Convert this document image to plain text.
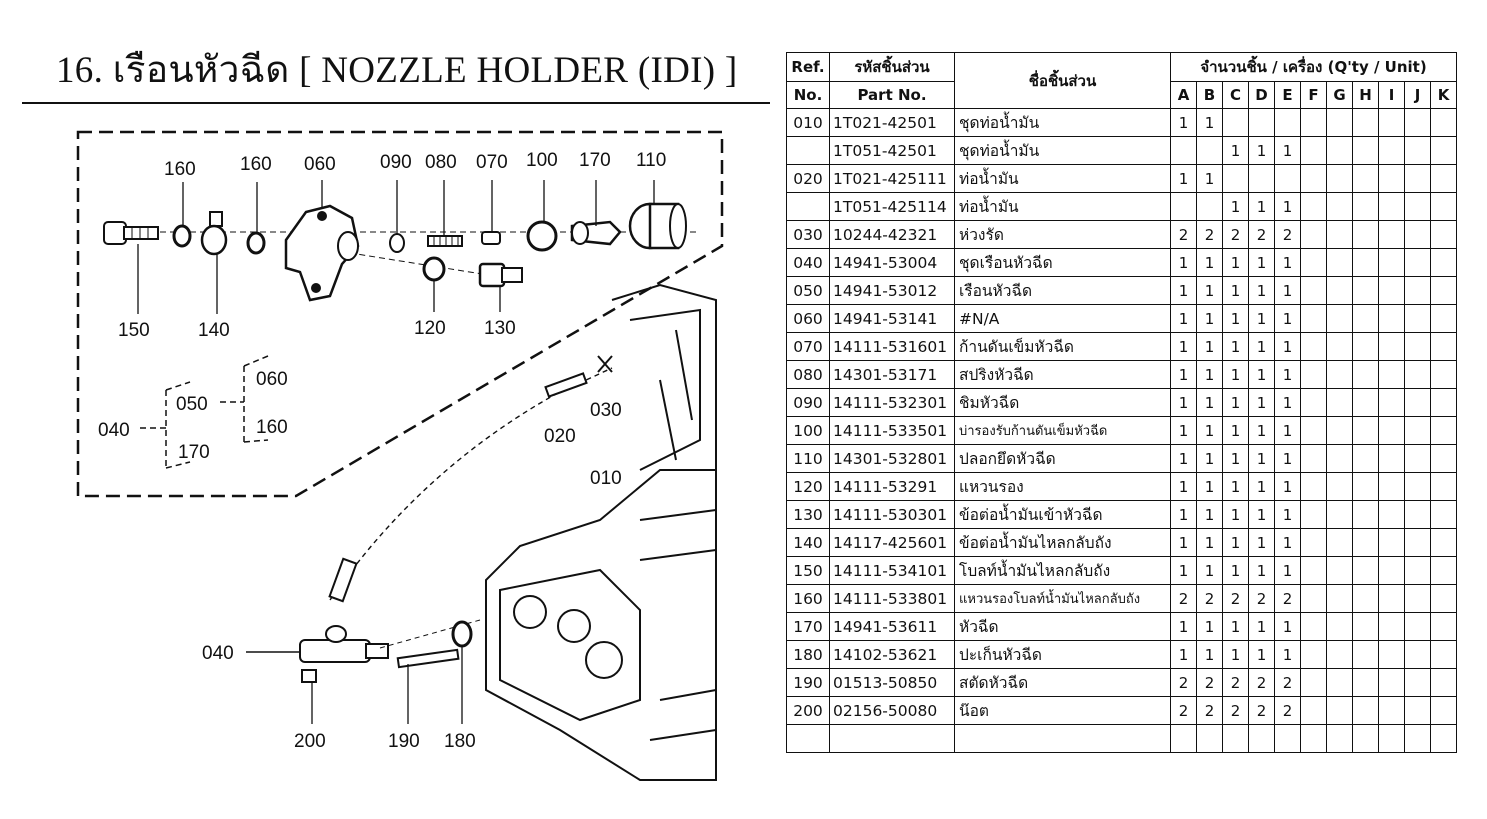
16. เรือนหัวฉีด [ NOZZLE HOLDER (IDI) ]
160 160 060 090 080 070 100 170 110
150	140	120 130
060
050
040	160
170
030
020
010
040
200	190 180
Ref.	รหัสชิ้นส่วน	ชื่อชิ้นส่วน	จำนวนชิ้น / เครื่อง (Q'ty / Unit)										
No.	Part No.		A	B	C	D	E	F	G	H	I	J	K
010	1T021-42501	ชุดท่อน้ำมัน	1	1									
	1T051-42501	ชุดท่อน้ำมัน			1	1	1						
020	1T021-425111	ท่อน้ำมัน	1	1									
	1T051-425114	ท่อน้ำมัน			1	1	1						
030	10244-42321	ห่วงรัด	2	2	2	2	2						
040	14941-53004	ชุดเรือนหัวฉีด	1	1	1	1	1						
050	14941-53012	เรือนหัวฉีด	1	1	1	1	1						
060	14941-53141	#N/A	1	1	1	1	1						
070	14111-531601	ก้านดันเข็มหัวฉีด	1	1	1	1	1						
080	14301-53171	สปริงหัวฉีด	1	1	1	1	1						
090	14111-532301	ชิมหัวฉีด	1	1	1	1	1						
100	14111-533501	บ่ารองรับก้านดันเข็มหัวฉีด	1	1	1	1	1						
110	14301-532801	ปลอกยึดหัวฉีด	1	1	1	1	1						
120	14111-53291	แหวนรอง	1	1	1	1	1						
130	14111-530301	ข้อต่อน้ำมันเข้าหัวฉีด	1	1	1	1	1						
140	14117-425601	ข้อต่อน้ำมันไหลกลับถัง	1	1	1	1	1						
150	14111-534101	โบลท์น้ำมันไหลกลับถัง	1	1	1	1	1						
160	14111-533801	แหวนรองโบลท์น้ำมันไหลกลับถัง	2	2	2	2	2						
170	14941-53611	หัวฉีด	1	1	1	1	1						
180	14102-53621	ปะเก็นหัวฉีด	1	1	1	1	1						
190	01513-50850	สตัดหัวฉีด	2	2	2	2	2						
200	02156-50080	น๊อต	2	2	2	2	2						
